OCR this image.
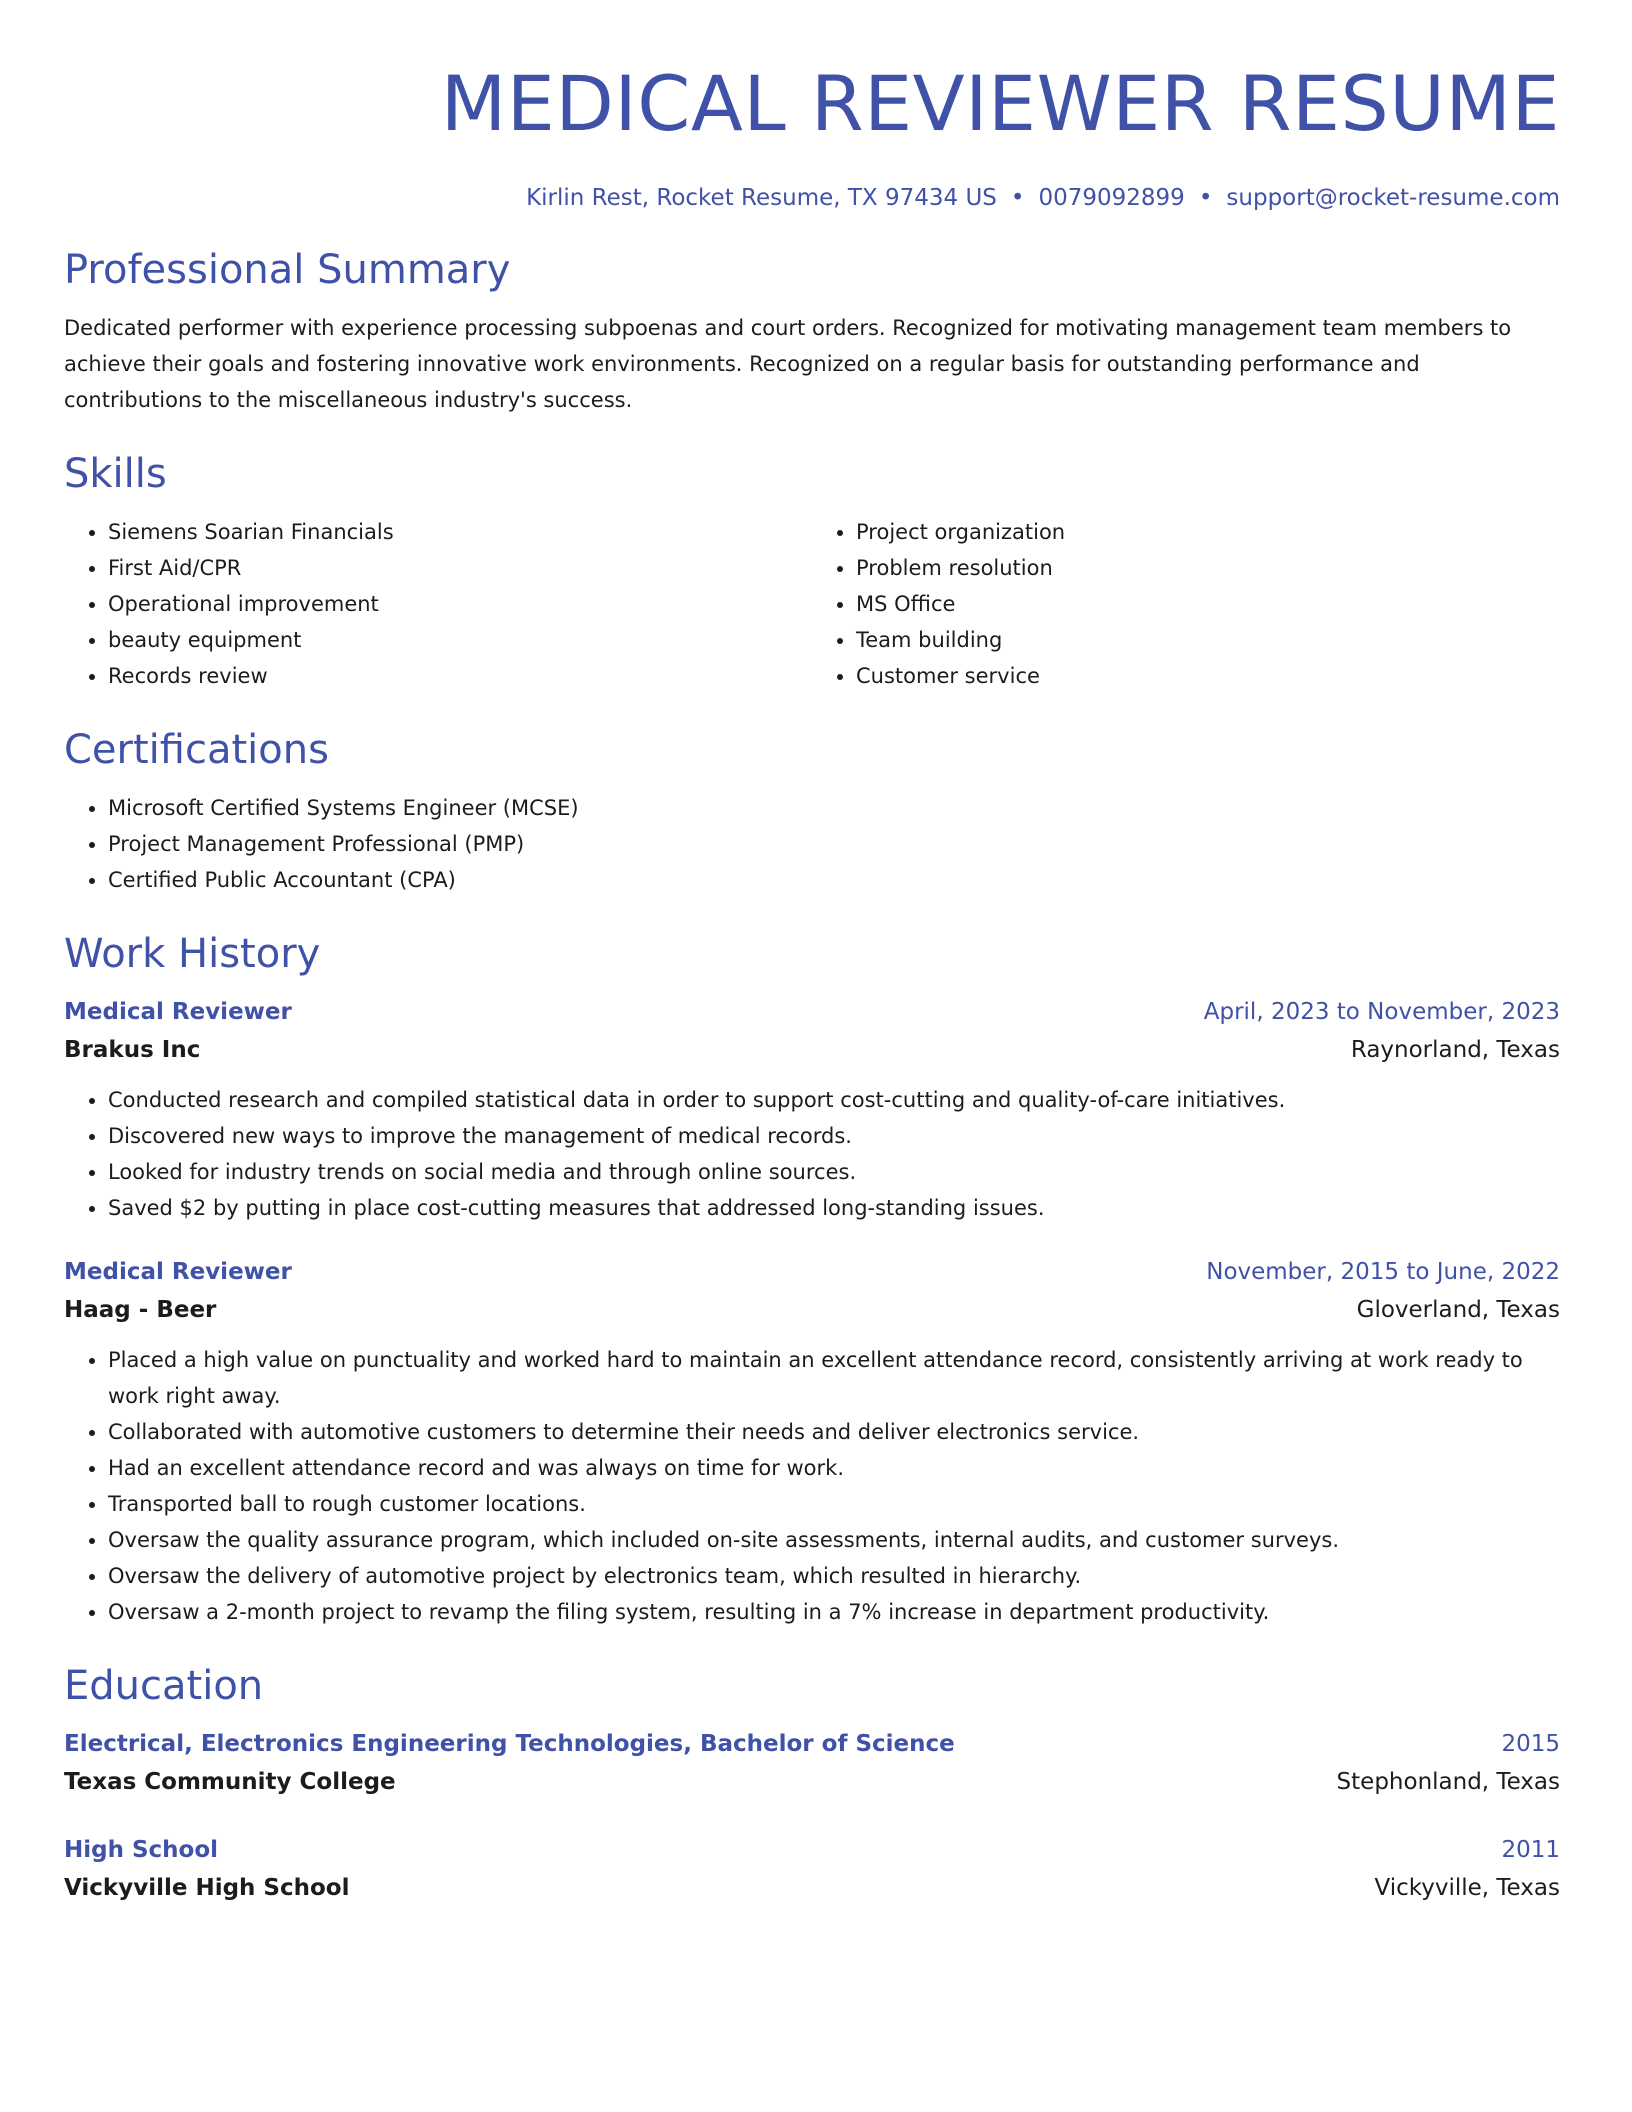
MEDICAL REVIEWER RESUME
Kirlin Rest, Rocket Resume, TX 97434 US • 0079092899 • support@rocket-resume.com
Professional Summary

Dedicated performer with experience processing subpoenas and court orders. Recognized for motivating management team members to achieve their goals and fostering innovative work environments. Recognized on a regular basis for outstanding performance and contributions to the miscellaneous industry's success.

Skills
• Siemens Soarian Financials
• First Aid/CPR
• Operational improvement
• beauty equipment
• Records review
• Project organization
• Problem resolution
• MS Office
• Team building
• Customer service
Certifications
• Microsoft Certified Systems Engineer (MCSE)
• Project Management Professional (PMP)
• Certified Public Accountant (CPA)
Work History
Medical Reviewer	April, 2023 to November, 2023
Brakus Inc	Raynorland, Texas
• Conducted research and compiled statistical data in order to support cost-cutting and quality-of-care initiatives.
• Discovered new ways to improve the management of medical records.
• Looked for industry trends on social media and through online sources.
• Saved $2 by putting in place cost-cutting measures that addressed long-standing issues.
Medical Reviewer	November, 2015 to June, 2022
Haag - Beer	Gloverland, Texas
• Placed a high value on punctuality and worked hard to maintain an excellent attendance record, consistently arriving at work ready to work right away.
• Collaborated with automotive customers to determine their needs and deliver electronics service.
• Had an excellent attendance record and was always on time for work.
• Transported ball to rough customer locations.
• Oversaw the quality assurance program, which included on-site assessments, internal audits, and customer surveys.
• Oversaw the delivery of automotive project by electronics team, which resulted in hierarchy.
• Oversaw a 2-month project to revamp the filing system, resulting in a 7% increase in department productivity.
Education
Electrical, Electronics Engineering Technologies, Bachelor of Science	2015
Texas Community College	Stephonland, Texas
High School	2011
Vickyville High School	Vickyville, Texas
